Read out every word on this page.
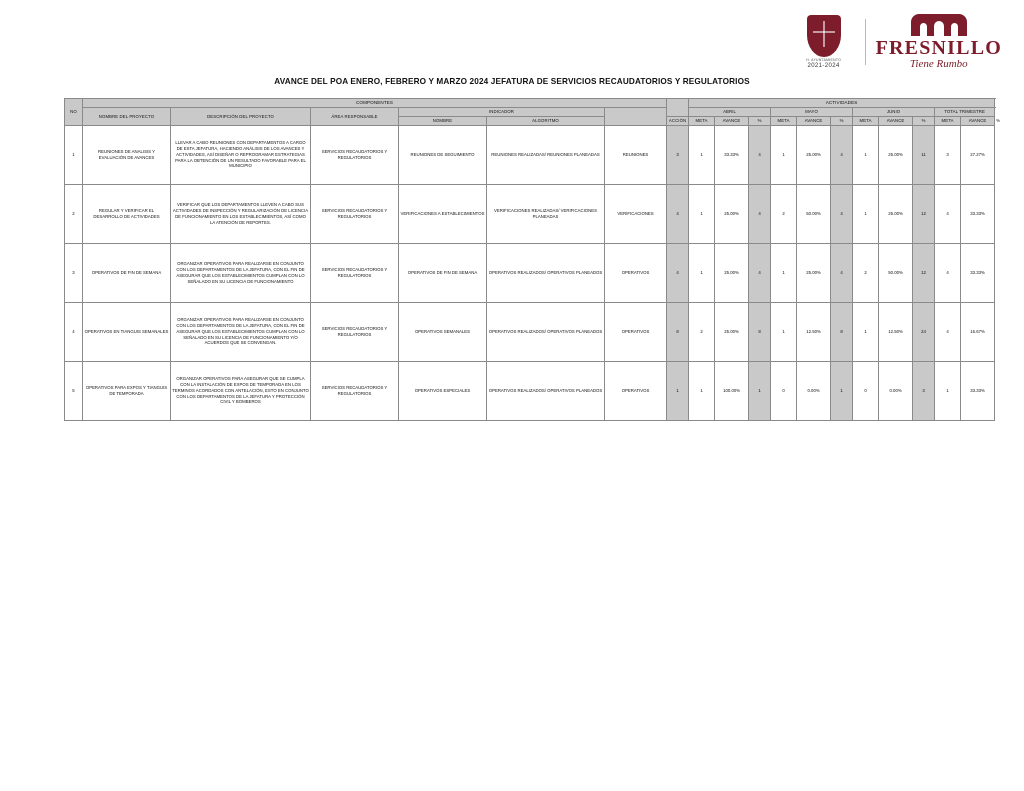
H. AYUNTAMIENTO
2021-2024
FRESNILLO
Tiene Rumbo
AVANCE DEL POA ENERO, FEBRERO Y MARZO 2024 JEFATURA DE SERVICIOS RECAUDATORIOS Y REGULATORIOS
NO	COMPONENTES							ACTIVIDADES											
	NOMBRE DEL PROYECTO	DESCRIPCIÓN DEL PROYECTO	ÁREA RESPONSABLE	INDICADOR				ABRIL			MAYO			JUNIO			TOTAL TRIMESTRE		
				NOMBRE	ALGORITMO		ACCIÓN	META	AVANCE	%	META	AVANCE	%	META	AVANCE	%	META	AVANCE	%
1	REUNIONES DE ANALISIS Y EVALUACIÓN DE AVANCES	LLEVAR A CABO REUNIONES CON DEPARTAMENTOS A CARGO DE ESTA JEFATURA, HACIENDO ANÁLISIS DE LOS AVANCES Y ACTIVIDADES, ASÍ DISEÑAR O REPROGRAMAR ESTRATEGIAS PARA LA OBTENCIÓN DE UN RESULTADO FAVORABLE PARA EL MUNICIPIO	SERVICIOS RECAUDATORIOS Y REGULATORIOS	REUNIONES DE SEGUIMIENTO	REUNIONES REALIZADAS/ REUNIONES PLANEADAS	REUNIONES	3	1	33.33%	4	1	25.00%	4	1	25.00%	11	3	27.27%	
2	REGULAR Y VERIFICAR EL DESARROLLO DE ACTIVIDADES	VERIFICAR QUE LOS DEPARTAMENTOS LLEVEN A CABO SUS ACTIVIDADES DE INSPECCIÓN Y REGULARIZACIÓN DE LICENCIA DE FUNCIONAMIENTO EN LOS ESTABLECIMIENTOS, ASÍ COMO LA ATENCIÓN DE REPORTES.	SERVICIOS RECAUDATORIOS Y REGULATORIOS	VERIFICACIONES A ESTABLECIMIENTOS	VERIFICACIONES REALIZADAS/ VERIFICACIONES PLANEADAS	VERIFICACIONES	4	1	25.00%	4	2	50.00%	4	1	25.00%	12	4	33.33%	
3	OPERATIVOS DE FIN DE SEMANA	ORGANIZAR OPERATIVOS PARA REALIZARSE EN CONJUNTO CON LOS DEPARTAMENTOS DE LA JEFATURA, CON EL FIN DE ASEGURAR QUE LOS ESTABLECIMIENTOS CUMPLAN CON LO SEÑALADO EN SU LICENCIA DE FUNCIONAMIENTO	SERVICIOS RECAUDATORIOS Y REGULATORIOS	OPERATIVOS DE FIN DE SEMANA	OPERATIVOS REALIZADOS/ OPERATIVOS PLANEADOS	OPERATIVOS	4	1	25.00%	4	1	25.00%	4	2	50.00%	12	4	33.33%	
4	OPERATIVOS EN TIANGUIS SEMANALES	ORGANIZAR OPERATIVOS PARA REALIZARSE EN CONJUNTO CON LOS DEPARTAMENTOS DE LA JEFATURA, CON EL FIN DE ASEGURAR QUE LOS ESTABLECIMIENTOS CUMPLAN CON LO SEÑALADO EN SU LICENCIA DE FUNCIONAMIENTO Y/O ACUERDOS QUE SE CONVENGAN.	SERVICIOS RECAUDATORIOS Y REGULATORIOS	OPERATIVOS SEMANALES	OPERATIVOS REALIZADOS/ OPERATIVOS PLANEADOS	OPERATIVOS	8	2	25.00%	8	1	12.50%	8	1	12.50%	24	4	16.67%	
5	OPERATIVOS PARA EXPOS Y TIANGUIS DE TEMPORADA	ORGANIZAR OPERATIVOS PARA ASEGURAR QUE SE CUMPLA CON LA INSTALACIÓN DE EXPOS DE TEMPORADA EN LOS TERMINOS ACORDADOS CON ANTELACIÓN, ESTO EN CONJUNTO CON LOS DEPARTAMENTOS DE LA JEFATURA Y PROTECCIÓN CIVIL Y BOMBEROS	SERVICIOS RECAUDATORIOS Y REGULATORIOS	OPERATIVOS ESPECIALES	OPERATIVOS REALIZADOS/ OPERATIVOS PLANEADOS	OPERATIVOS	1	1	100.00%	1	0	0.00%	1	0	0.00%	3	1	33.33%	
